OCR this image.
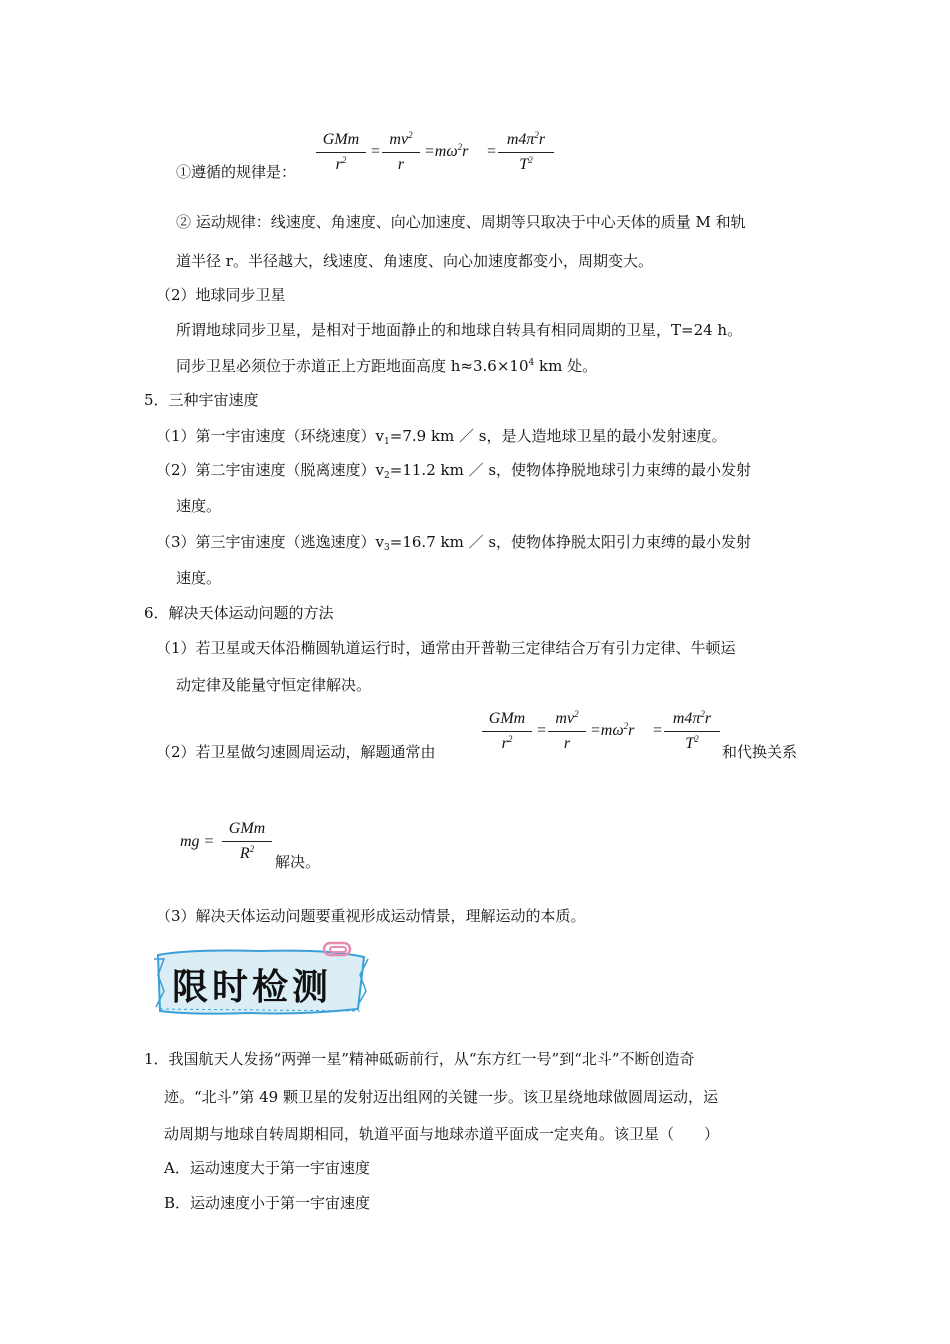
①遵循的规律是：
GMm
$r^2$	=
$mv^2$
r
$=m\omega^2r$ =
$m4\pi^2r$
$T^2$
② 运动规律：线速度、角速度、向心加速度、周期等只取决于中心天体的质量 M 和轨
道半径 r。半径越大，线速度、角速度、向心加速度都变小，周期变大。
（2）地球同步卫星
所谓地球同步卫星，是相对于地面静止的和地球自转具有相同周期的卫星，T=24 h。
同步卫星必须位于赤道正上方距地面高度 $h\approx 3.6\times 10^4$ km 处。
5．三种宇宙速度
（1）第一宇宙速度（环绕速度）$v_1=7.9$ km ／ s，是人造地球卫星的最小发射速度。
（2）第二宇宙速度（脱离速度）$v_2=11.2$ km ／ s，使物体挣脱地球引力束缚的最小发射
速度。
（3）第三宇宙速度（逃逸速度）$v_3=16.7$ km ／ s，使物体挣脱太阳引力束缚的最小发射
速度。
6．解决天体运动问题的方法
（1）若卫星或天体沿椭圆轨道运行时，通常由开普勒三定律结合万有引力定律、牛顿运
动定律及能量守恒定律解决。
（2）若卫星做匀速圆周运动，解题通常由
GMm
$r^2$	=
$mv^2$
r
$=m\omega^2r$ =
$m4\pi^2r$
$T^2$
和代换关系
mg =
GMm
$R^2$
解决。
（3）解决天体运动问题要重视形成运动情景，理解运动的本质。
限时检测
1．我国航天人发扬“两弹一星”精神砥砺前行，从“东方红一号”到“北斗”不断创造奇
迹。“北斗”第 49 颗卫星的发射迈出组网的关键一步。该卫星绕地球做圆周运动，运
动周期与地球自转周期相同，轨道平面与地球赤道平面成一定夹角。该卫星（　　）
A．运动速度大于第一宇宙速度
B．运动速度小于第一宇宙速度
